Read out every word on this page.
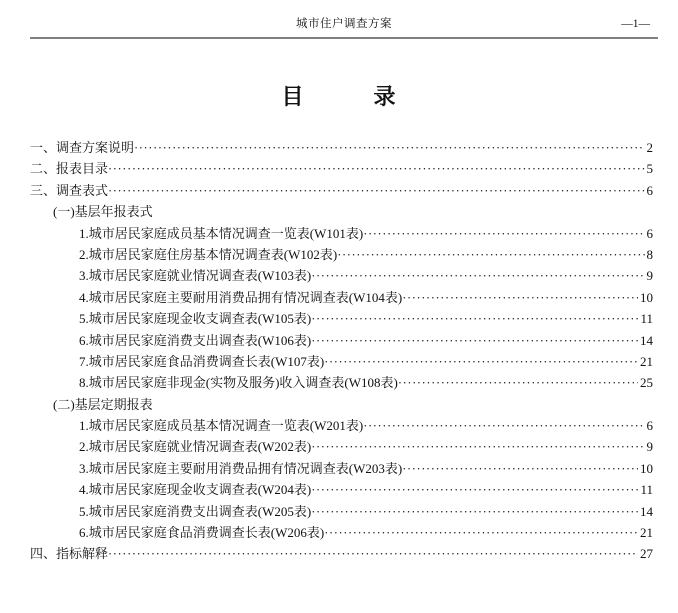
城市住户调查方案	—1—
目　　　录
一、调查方案说明 ·····	2
二、报表目录 ·····	5
三、调查表式 ·····	6
(一)基层年报表式
1.城市居民家庭成员基本情况调查一览表(W101表) ·····	6
2.城市居民家庭住房基本情况调查表(W102表) ·····	8
3.城市居民家庭就业情况调查表(W103表) ·····	9
4.城市居民家庭主要耐用消费品拥有情况调查表(W104表) ·····	10
5.城市居民家庭现金收支调查表(W105表) ·····	11
6.城市居民家庭消费支出调查表(W106表) ·····	14
7.城市居民家庭食品消费调查长表(W107表) ·····	21
8.城市居民家庭非现金(实物及服务)收入调查表(W108表) ·····	25
(二)基层定期报表
1.城市居民家庭成员基本情况调查一览表(W201表) ·····	6
2.城市居民家庭就业情况调查表(W202表) ·····	9
3.城市居民家庭主要耐用消费品拥有情况调查表(W203表) ·····	10
4.城市居民家庭现金收支调查表(W204表) ·····	11
5.城市居民家庭消费支出调查表(W205表) ·····	14
6.城市居民家庭食品消费调查长表(W206表) ·····	21
四、指标解释 ·····	27
